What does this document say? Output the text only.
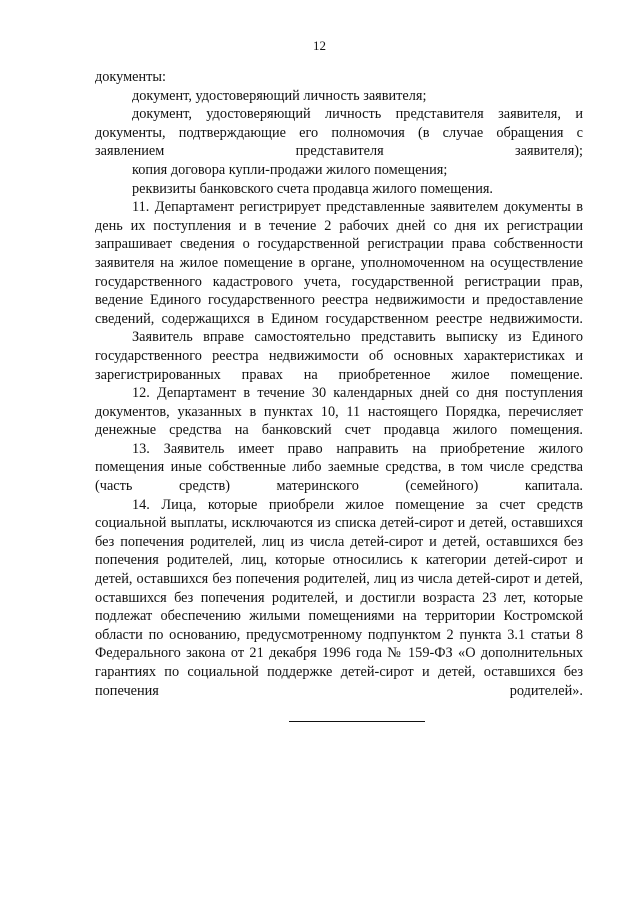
12

документы:

документ, удостоверяющий личность заявителя;

документ, удостоверяющий личность представителя заявителя, и документы, подтверждающие его полномочия (в случае обращения с заявлением представителя заявителя);

копия договора купли-продажи жилого помещения;

реквизиты банковского счета продавца жилого помещения.

11. Департамент регистрирует представленные заявителем документы в день их поступления и в течение 2 рабочих дней со дня их регистрации запрашивает сведения о государственной регистрации права собственности заявителя на жилое помещение в органе, уполномоченном на осуществление государственного кадастрового учета, государственной регистрации прав, ведение Единого государственного реестра недвижимости и предоставление сведений, содержащихся в Едином государственном реестре недвижимости.

Заявитель вправе самостоятельно представить выписку из Единого государственного реестра недвижимости об основных характеристиках и зарегистрированных правах на приобретенное жилое помещение.

12. Департамент в течение 30 календарных дней со дня поступления документов, указанных в пунктах 10, 11 настоящего Порядка, перечисляет денежные средства на банковский счет продавца жилого помещения.

13. Заявитель имеет право направить на приобретение жилого помещения иные собственные либо заемные средства, в том числе средства (часть средств) материнского (семейного) капитала.

14. Лица, которые приобрели жилое помещение за счет средств социальной выплаты, исключаются из списка детей-сирот и детей, оставшихся без попечения родителей, лиц из числа детей-сирот и детей, оставшихся без попечения родителей, лиц, которые относились к категории детей-сирот и детей, оставшихся без попечения родителей, лиц из числа детей-сирот и детей, оставшихся без попечения родителей, и достигли возраста 23 лет, которые подлежат обеспечению жилыми помещениями на территории Костромской области по основанию, предусмотренному подпунктом 2 пункта 3.1 статьи 8 Федерального закона от 21 декабря 1996 года № 159-ФЗ «О дополнительных гарантиях по социальной поддержке детей-сирот и детей, оставшихся без попечения родителей».
